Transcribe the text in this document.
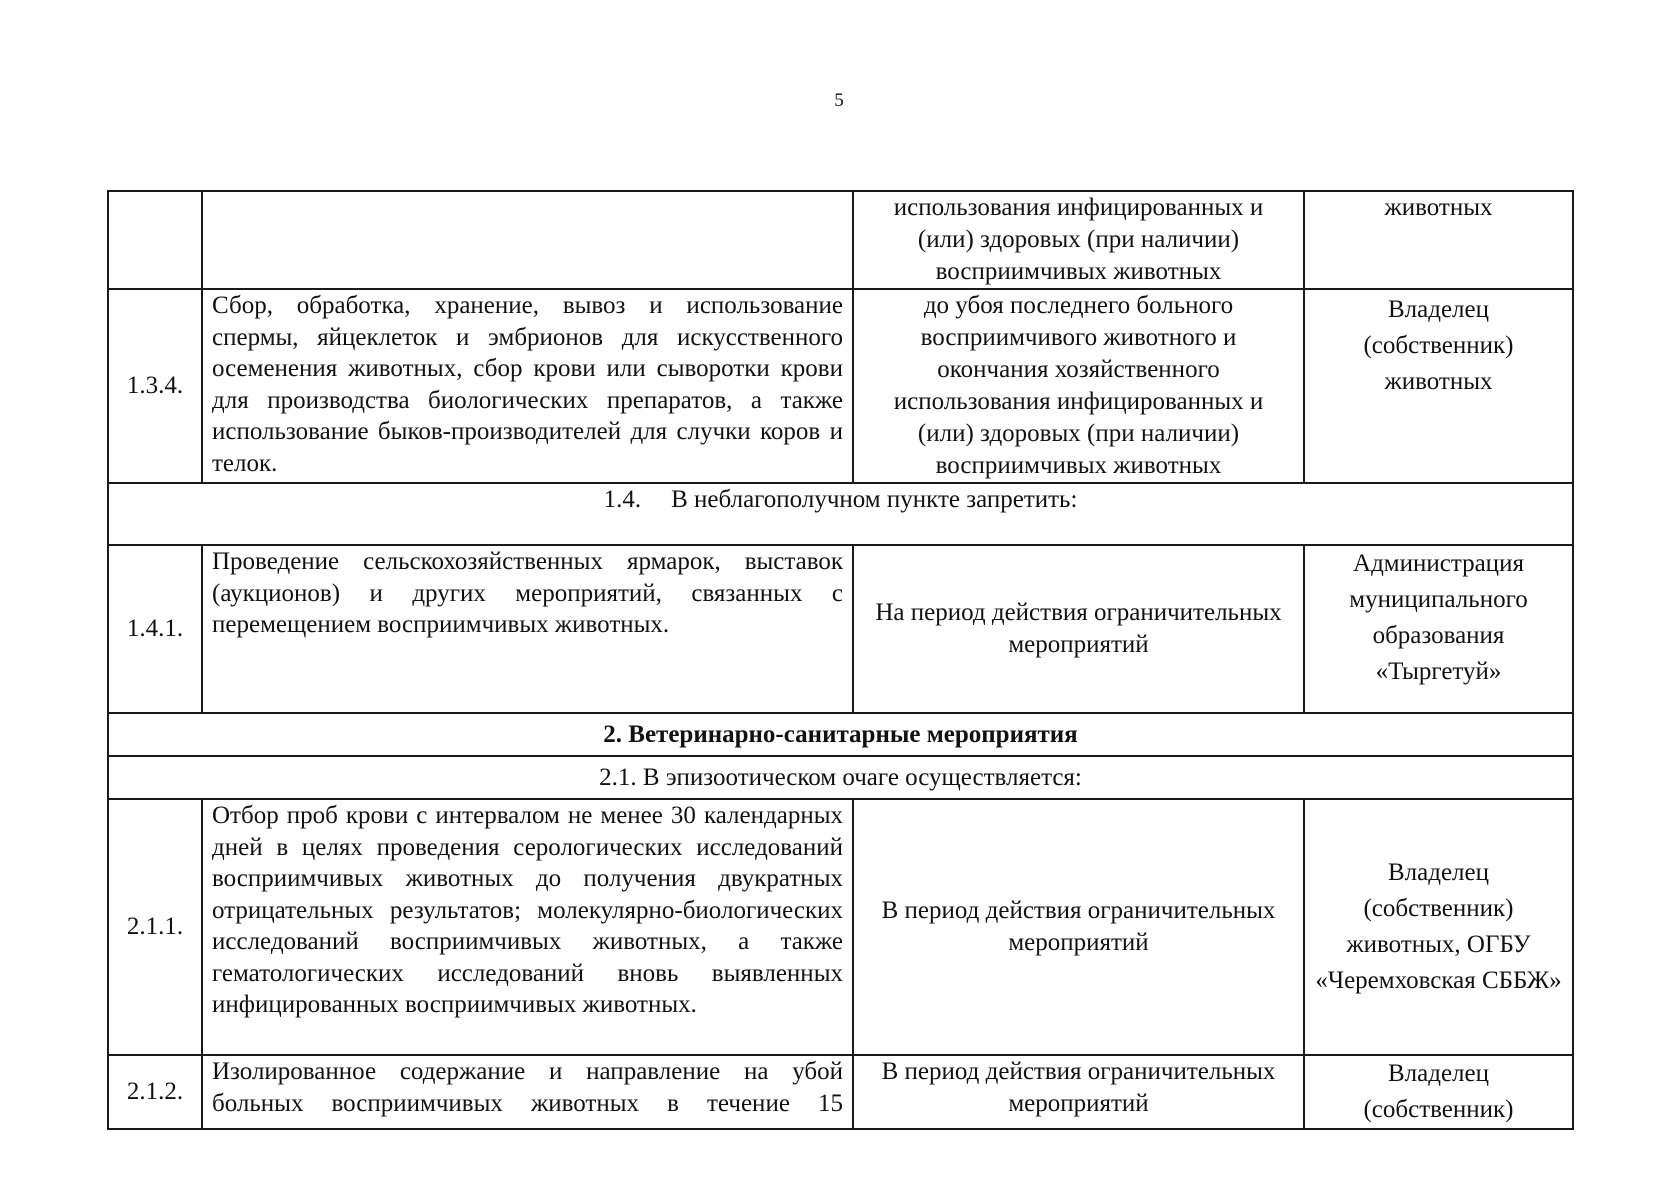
5
		использования инфицированных и (или) здоровых (при наличии) восприимчивых животных	животных
1.3.4.	Сбор, обработка, хранение, вывоз и использование спермы, яйцеклеток и эмбрионов для искусственного осеменения животных, сбор крови или сыворотки крови для производства биологических препаратов, а также использование быков-производителей для случки коров и телок.	до убоя последнего больного восприимчивого животного и окончания хозяйственного использования инфицированных и (или) здоровых (при наличии) восприимчивых животных	Владелец (собственник) животных
1.4. В неблагополучном пункте запретить:			
1.4.1.	Проведение сельскохозяйственных ярмарок, выставок (аукционов) и других мероприятий, связанных с перемещением восприимчивых животных.	На период действия ограничительных мероприятий	Администрация муниципального образования «Тыргетуй»
2. Ветеринарно-санитарные мероприятия			
2.1. В эпизоотическом очаге осуществляется:			
2.1.1.	Отбор проб крови с интервалом не менее 30 календарных дней в целях проведения серологических исследований восприимчивых животных до получения двукратных отрицательных результатов; молекулярно-биологических исследований восприимчивых животных, а также гематологических исследований вновь выявленных инфицированных восприимчивых животных.	В период действия ограничительных мероприятий	Владелец (собственник) животных, ОГБУ «Черемховская СББЖ»
2.1.2.	Изолированное содержание и направление на убой больных восприимчивых животных в течение 15	В период действия ограничительных мероприятий	Владелец (собственник)
